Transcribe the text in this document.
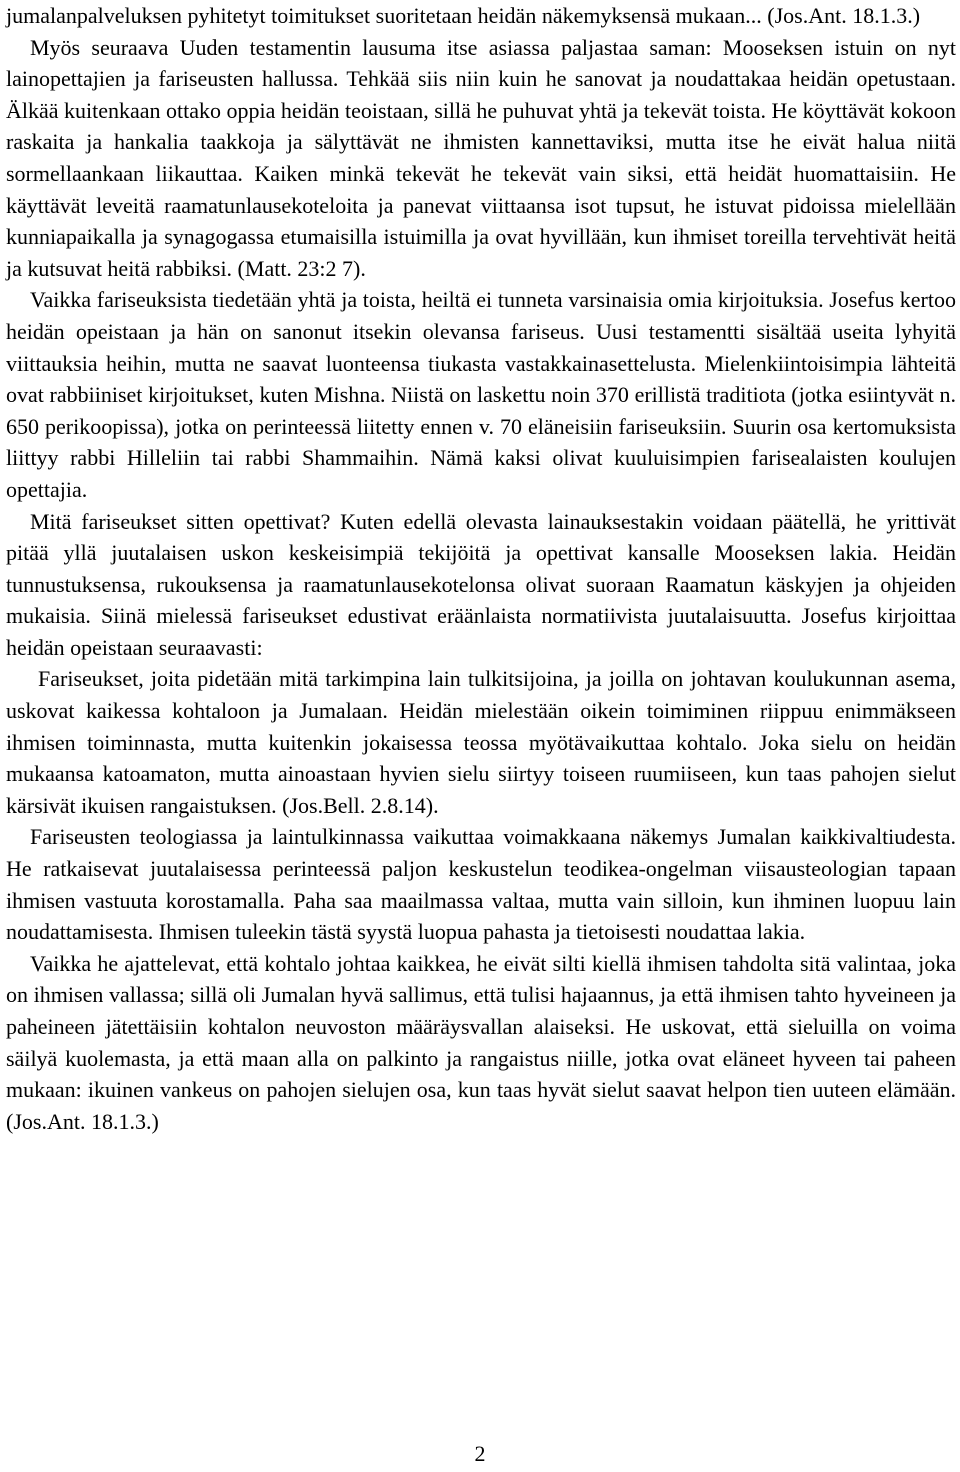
jumalanpalveluksen pyhitetyt toimitukset suoritetaan heidän näkemyksensä mukaan... (Jos.Ant. 18.1.3.)

Myös seuraava Uuden testamentin lausuma itse asiassa paljastaa saman: Mooseksen istuin on nyt lainopettajien ja fariseusten hallussa. Tehkää siis niin kuin he sanovat ja noudattakaa heidän opetustaan. Älkää kuitenkaan ottako oppia heidän teoistaan, sillä he puhuvat yhtä ja tekevät toista. He köyttävät kokoon raskaita ja hankalia taakkoja ja sälyttävät ne ihmisten kannettaviksi, mutta itse he eivät halua niitä sormellaankaan liikauttaa. Kaiken minkä tekevät he tekevät vain siksi, että heidät huomattaisiin. He käyttävät leveitä raamatunlausekoteloita ja panevat viittaansa isot tupsut, he istuvat pidoissa mielellään kunniapaikalla ja synagogassa etumaisilla istuimilla ja ovat hyvillään, kun ihmiset toreilla tervehtivät heitä ja kutsuvat heitä rabbiksi. (Matt. 23:2 7).

Vaikka fariseuksista tiedetään yhtä ja toista, heiltä ei tunneta varsinaisia omia kirjoituksia. Josefus kertoo heidän opeistaan ja hän on sanonut itsekin olevansa fariseus. Uusi testamentti sisältää useita lyhyitä viittauksia heihin, mutta ne saavat luonteensa tiukasta vastakkainasettelusta. Mielenkiintoisimpia lähteitä ovat rabbiiniset kirjoitukset, kuten Mishna. Niistä on laskettu noin 370 erillistä traditiota (jotka esiintyvät n. 650 perikoopissa), jotka on perinteessä liitetty ennen v. 70 eläneisiin fariseuksiin. Suurin osa kertomuksista liittyy rabbi Hilleliin tai rabbi Shammaihin. Nämä kaksi olivat kuuluisimpien farisealaisten koulujen opettajia.

Mitä fariseukset sitten opettivat? Kuten edellä olevasta lainauksestakin voidaan päätellä, he yrittivät pitää yllä juutalaisen uskon keskeisimpiä tekijöitä ja opettivat kansalle Mooseksen lakia. Heidän tunnustuksensa, rukouksensa ja raamatunlausekotelonsa olivat suoraan Raamatun käskyjen ja ohjeiden mukaisia. Siinä mielessä fariseukset edustivat eräänlaista normatiivista juutalaisuutta. Josefus kirjoittaa heidän opeistaan seuraavasti:

Fariseukset, joita pidetään mitä tarkimpina lain tulkitsijoina, ja joilla on johtavan koulukunnan asema, uskovat kaikessa kohtaloon ja Jumalaan. Heidän mielestään oikein toimiminen riippuu enimmäkseen ihmisen toiminnasta, mutta kuitenkin jokaisessa teossa myötävaikuttaa kohtalo. Joka sielu on heidän mukaansa katoamaton, mutta ainoastaan hyvien sielu siirtyy toiseen ruumiiseen, kun taas pahojen sielut kärsivät ikuisen rangaistuksen. (Jos.Bell. 2.8.14).

Fariseusten teologiassa ja laintulkinnassa vaikuttaa voimakkaana näkemys Jumalan kaikkivaltiudesta. He ratkaisevat juutalaisessa perinteessä paljon keskustelun teodikea-ongelman viisausteologian tapaan ihmisen vastuuta korostamalla. Paha saa maailmassa valtaa, mutta vain silloin, kun ihminen luopuu lain noudattamisesta. Ihmisen tuleekin tästä syystä luopua pahasta ja tietoisesti noudattaa lakia.

Vaikka he ajattelevat, että kohtalo johtaa kaikkea, he eivät silti kiellä ihmisen tahdolta sitä valintaa, joka on ihmisen vallassa; sillä oli Jumalan hyvä sallimus, että tulisi hajaannus, ja että ihmisen tahto hyveineen ja paheineen jätettäisiin kohtalon neuvoston määräysvallan alaiseksi. He uskovat, että sieluilla on voima säilyä kuolemasta, ja että maan alla on palkinto ja rangaistus niille, jotka ovat eläneet hyveen tai paheen mukaan: ikuinen vankeus on pahojen sielujen osa, kun taas hyvät sielut saavat helpon tien uuteen elämään. (Jos.Ant. 18.1.3.)

2
